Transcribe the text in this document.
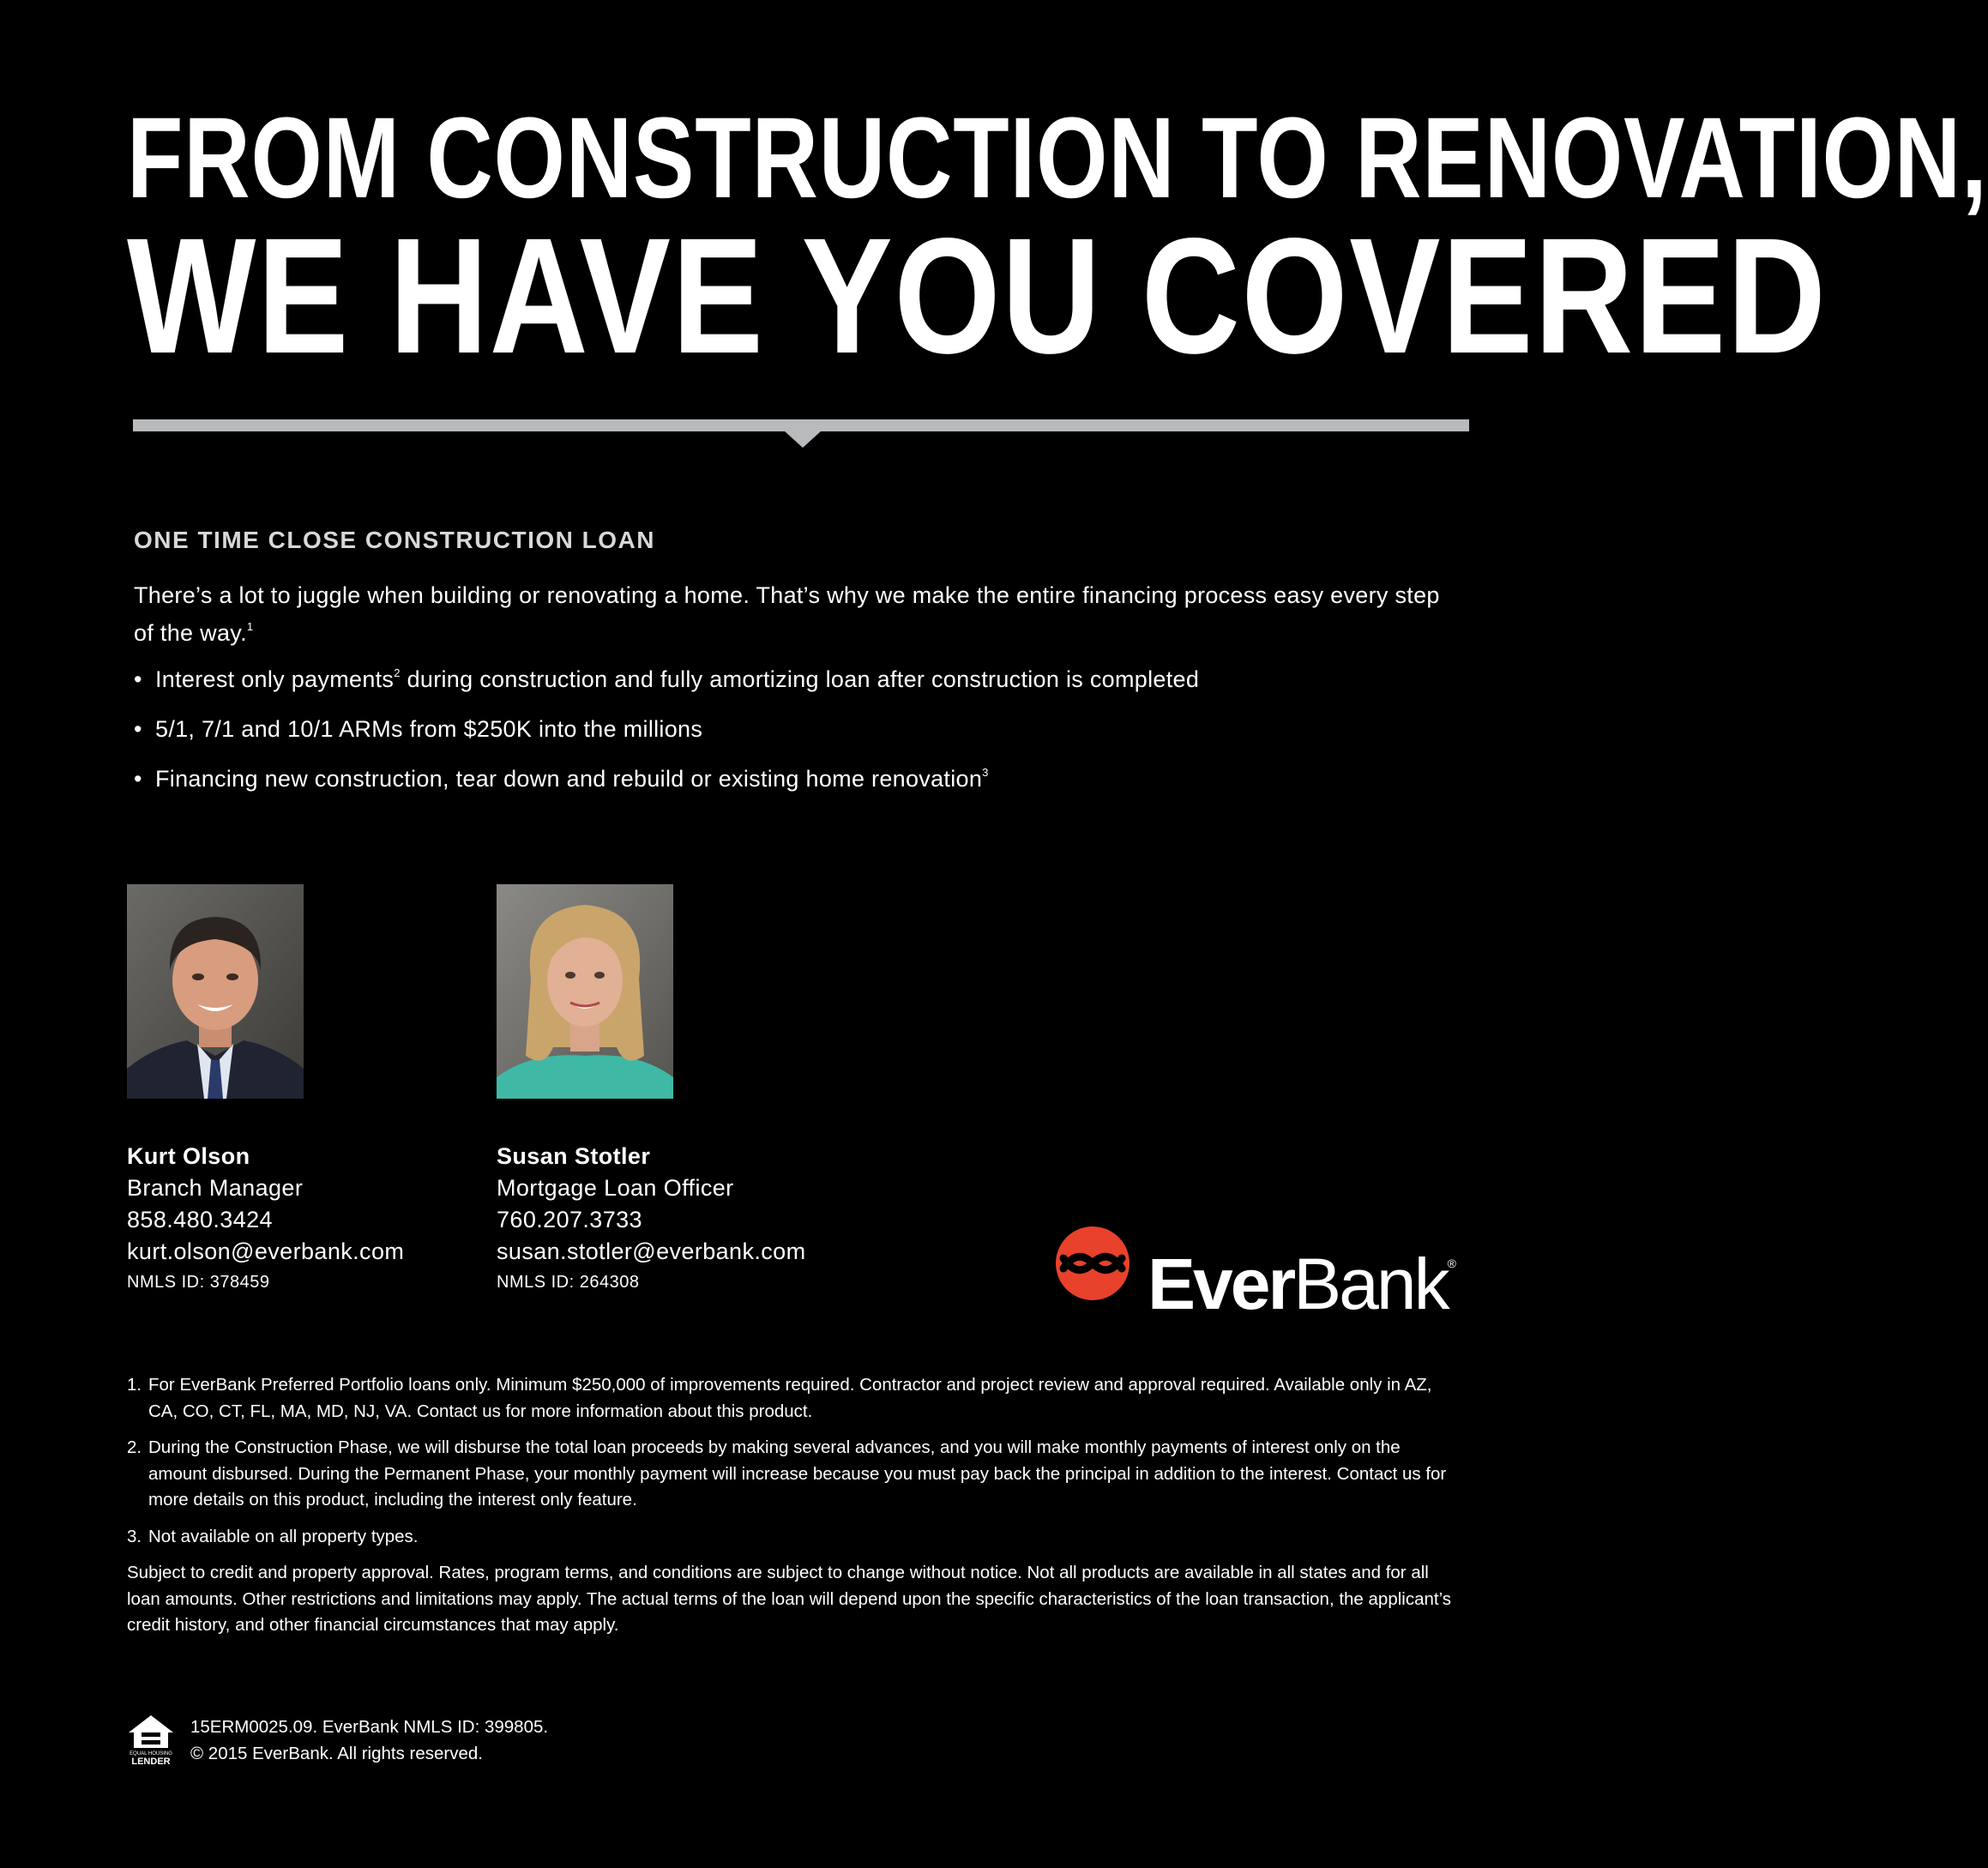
FROM CONSTRUCTION TO RENOVATION,
WE HAVE YOU COVERED
ONE TIME CLOSE CONSTRUCTION LOAN
There’s a lot to juggle when building or renovating a home. That’s why we make the entire financing process easy every step of the way.$^1$
• Interest only payments$^2$ during construction and fully amortizing loan after construction is completed
• 5/1, 7/1 and 10/1 ARMs from $250K into the millions
• Financing new construction, tear down and rebuild or existing home renovation$^3$
Kurt Olson
Branch Manager
858.480.3424
kurt.olson@everbank.com
NMLS ID: 378459
Susan Stotler
Mortgage Loan Officer
760.207.3733
susan.stotler@everbank.com
NMLS ID: 264308	EverBank®
1. For EverBank Preferred Portfolio loans only. Minimum $250,000 of improvements required. Contractor and project review and approval required. Available only in AZ, CA, CO, CT, FL, MA, MD, NJ, VA. Contact us for more information about this product.
2. During the Construction Phase, we will disburse the total loan proceeds by making several advances, and you will make monthly payments of interest only on the amount disbursed. During the Permanent Phase, your monthly payment will increase because you must pay back the principal in addition to the interest. Contact us for more details on this product, including the interest only feature.
3. Not available on all property types.
Subject to credit and property approval. Rates, program terms, and conditions are subject to change without notice. Not all products are available in all states and for all loan amounts. Other restrictions and limitations may apply. The actual terms of the loan will depend upon the specific characteristics of the loan transaction, the applicant’s credit history, and other financial circumstances that may apply.
EQUAL HOUSING
LENDER
15ERM0025.09. EverBank NMLS ID: 399805.
© 2015 EverBank. All rights reserved.
